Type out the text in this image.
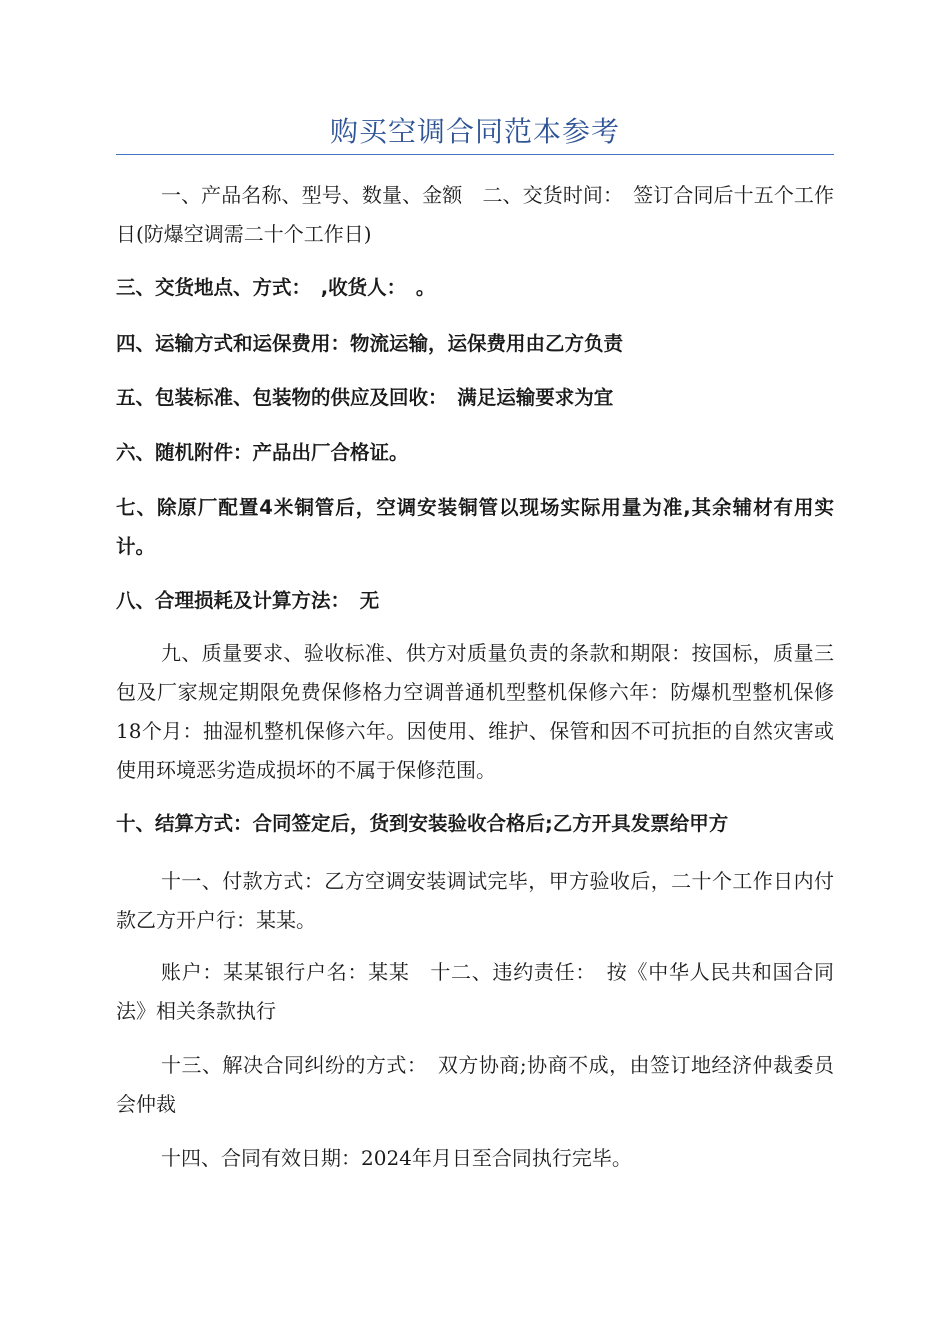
购买空调合同范本参考

一、产品名称、型号、数量、金额　二、交货时间：　签订合同后十五个工作日(防爆空调需二十个工作日)

三、交货地点、方式：　,收货人：　。

四、运输方式和运保费用：物流运输，运保费用由乙方负责

五、包装标准、包装物的供应及回收：　满足运输要求为宜

六、随机附件：产品出厂合格证。

七、除原厂配置4米铜管后，空调安装铜管以现场实际用量为准,其余辅材有用实计。

八、合理损耗及计算方法：　无

九、质量要求、验收标准、供方对质量负责的条款和期限：按国标，质量三包及厂家规定期限免费保修格力空调普通机型整机保修六年：防爆机型整机保修18个月：抽湿机整机保修六年。因使用、维护、保管和因不可抗拒的自然灾害或使用环境恶劣造成损坏的不属于保修范围。

十、结算方式：合同签定后，货到安装验收合格后;乙方开具发票给甲方

十一、付款方式：乙方空调安装调试完毕，甲方验收后，二十个工作日内付款乙方开户行：某某。

账户：某某银行户名：某某　十二、违约责任：　按《中华人民共和国合同法》相关条款执行

十三、解决合同纠纷的方式：　双方协商;协商不成，由签订地经济仲裁委员会仲裁

十四、合同有效日期：2024年月日至合同执行完毕。
